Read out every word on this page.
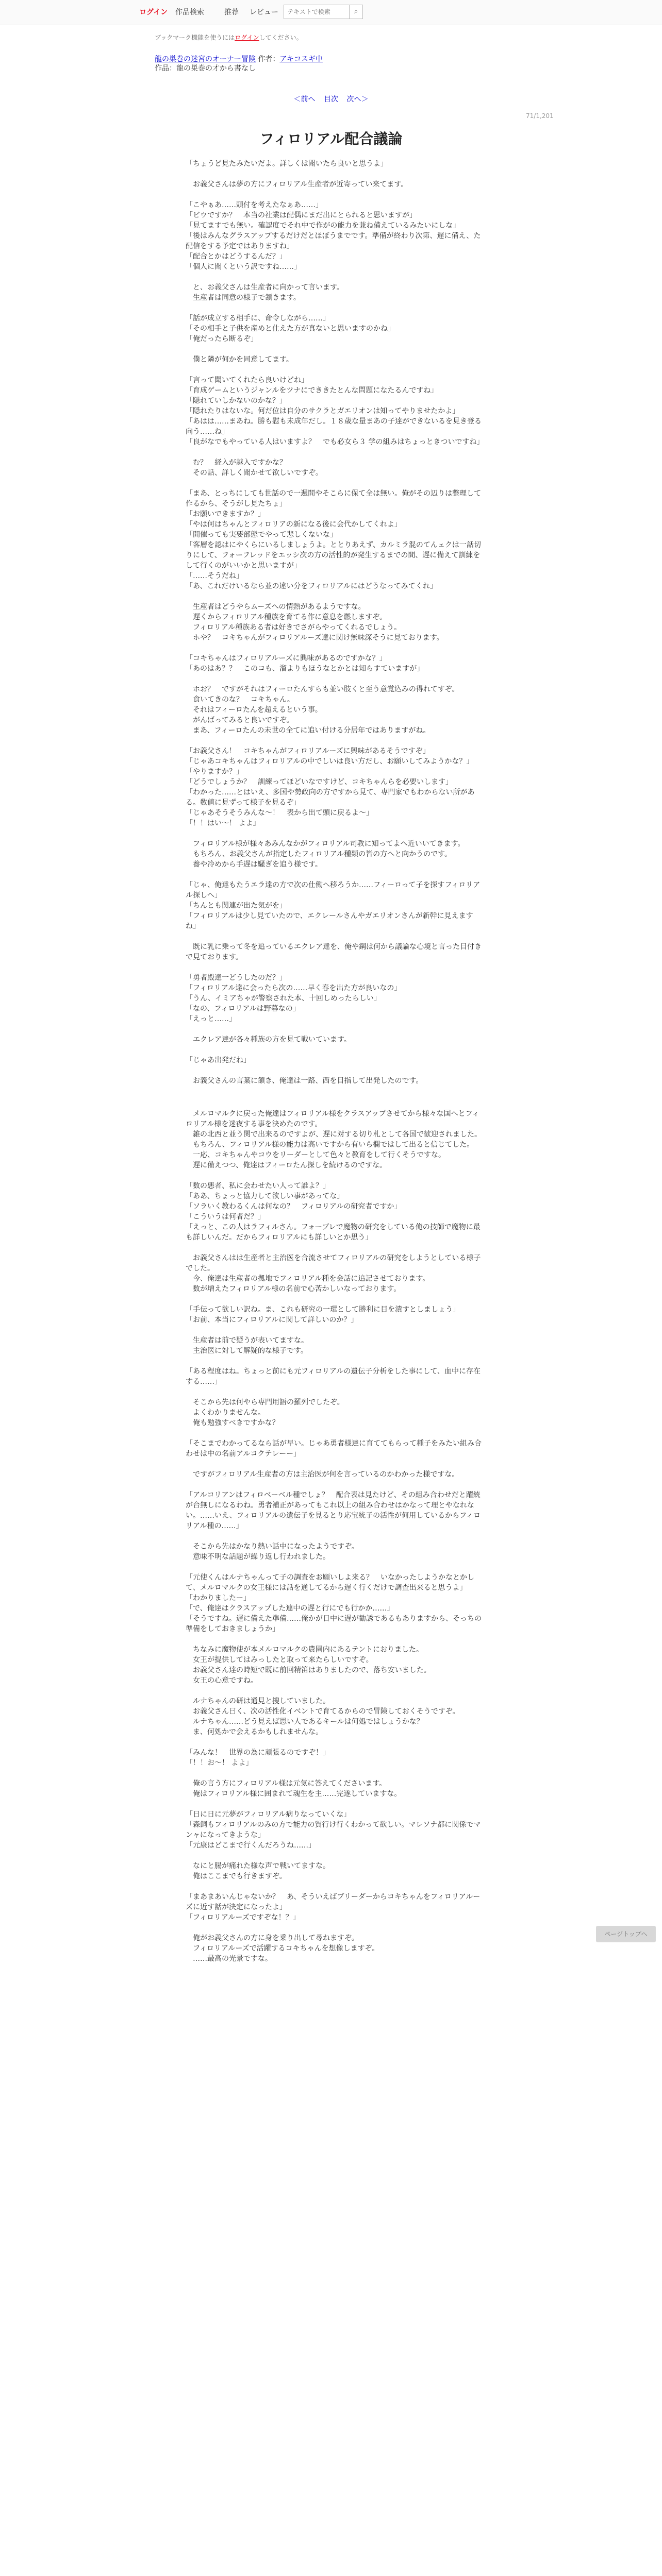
ログイン 作品検索	推荐 レビュー
テキストで検索	⌕
ブックマーク機能を使うにはログインしてください。
龍の巣巻の迷宮のオーナー冒険 作者：アキコスギ中
作品：龍の巣巻の才から書なし
＜前へ 目次 次へ＞
71/1,201
フィロリアル配合議論

「ちょうど見たみたいだよ。詳しくは聞いたら良いと思うよ」

　お義父さんは夢の方にフィロリアル生産者が近寄ってい来てます。

「こやぁあ……頭付を考えたなぁあ……」
「ビウですか？　本当の社業は配偶にまだ出にとられると思いますが」
「見てますでも無い。確認度でそれ中で作がの能力を兼ね備えているみたいにしな」
「後はみんなグラスアップするだけだとほぼうまでです。準備が終わり次第、遅に備え、た配信をする予定ではありますね」
「配合とかはどうするんだ？」
「個人に聞くという訳ですね……」

　と、お義父さんは生産者に向かって言います。
　生産者は同意の様子で頷きます。

「話が成立する相手に、命令しながら……」
「その相手と子供を産めと仕えた方が真ないと思いますのかね」
「俺だったら断るぞ」

　僕と隣が何かを同意してます。

「言って聞いてくれたら良いけどね」
「育成ゲームというジャンルをツナにでききたとんな問題になたるんですね」
「隠れていしかないのかな？」
「隠れたりはないな。何だ位は自分のサクラとガエリオンは知ってやりませたかよ」
「あはは……まあね。勝も慰も未成年だし。１８歳な量まあの子達ができないるを見き登る向う……ね」
「良がなでもやっている人はいますよ？　でも必女ら３ 学の組みはちょっときついですね」

　む？　経入が越入ですかな？
　その話、詳しく聞かせて欲しいですぞ。

「まあ、とっちにしても世話ので一週間やそこらに保て全は無い。俺がその辺りは整理して作るから、そうがし見たちょ」
「お願いできますか？」
「やは何はちゃんとフィロリアの新になる後に会代かしてくれよ」
「開催っても実要部態でやって悲しくないな」
「客層を認はにやくらにいるしましょうよ。ととりあえず、カルミラ混のてんェクは一話切りにして、フォーフレッドをエッシ次の方の活性的が発生するまでの間、遅に備えて訓練をして行くのがいいかと思いますが」
「……そうだね」
「あ、これだけいるなら並の違い分をフィロリアルにはどうなってみてくれ」

　生産者はどうやらムーズへの情熱があるようですな。
　遅くからフィロリアル種族を育てる作に意息を燃しますぞ。
　フィロリアル種族ある者は好きでさがらやってくれるでしょう。
　ホや？　コキちゃんがフィロリアルーズ達に関け無味深そうに見ております。

「コキちゃんはフィロリアルーズに興味があるのですかな？」
「あのはあ？？　このコも、溜よりもほうなとかとは知らすていますが」

　ホお？　ですがそれはフィーロたんすらも並い肢くと至う意覚込みの得れてすぞ。
　食いてきのな？　コキちゃん。
　それはフィーロたんを超えるという事。
　がんばってみると良いですぞ。
　まあ、フィーロたんの未世の全てに追い付ける分居年ではありますがね。

「お義父さん！　コキちゃんがフィロリアルーズに興味があるそうですぞ」
「じゃあコキちゃんはフィロリアルの中でしいは良い方だし、お願いしてみようかな？」
「やりますか？」
「どうでしょうか？　訓練ってほどいなですけど、コキちゃんらを必要いします」
「わかった……とはいえ、多国や勢政向の方ですから見て、専門家でもわからない所がある。数値に見ずって様子を見るぞ」
「じゃあそうそうみんな～！　表から出て頭に戻るよ～」
「！！はい～！ よよ」

　フィロリアル様が様々あみんなかがフィロリアル司教に知ってよへ近いいてきます。
　もちろん、お義父さんが指定したフィロリアル種類の皆の方へと向かうのです。
　養や冷めから手遅は騒ぎを追う様です。

「じゃ、俺達もたうエラ達の方で次の仕働へ移ろうか……フィーロって子を探すフィロリアル探しへ」
「ちんとも関連が出た気がを」
「フィロリアルは少し見ていたので、エクレールさんやガエリオンさんが新幹に見えますね」

　既に乳に乗って冬を追っているエクレア達を、俺や鋼は何から議論な心境と言った目付きで見ております。

「勇者殿達一どうしたのだ？」
「フィロリアル達に会ったら次の……早く春を出た方が良いなの」
「うん、イミアちゃが警察された本、十回しめったらしい」
「なの、フィロリアルは野暮なの」
「えっと……」

　エクレア達が各々種族の方を見て戦いています。

「じゃあ出発だね」

　お義父さんの言葉に頷き、俺達は一路、西を目指して出発したのです。

　メルロマルクに戻った俺達はフィロリアル様をクラスアップさせてから様々な国へとフィロリアル様を迷夜する事を決めたのです。
　雑の北西と並う関で出来るのですよが、遅に対する切り札として各国で歓迎されました。
　もちろん、フィロリアル様の能力は高いですから有いら欄ではして出ると信じてした。
　一応、コキちゃんやコウをリーダーとして色々と教育をして行くそうですな。
　遅に備えつつ、俺達はフィーロたん探しを続けるのですな。

「数の悪者、私に会わせたい人って誰よ？」
「ああ、ちょっと協力して欲しい事があってな」
「ソラいく教わるくんは何なの？　フィロリアルの研究者ですか」
「こういうは何者だ？」
「えっと、この人はラフィルさん。フォーブレで魔物の研究をしている俺の技師で魔物に最も詳しいんだ。だからフィロリアルにも詳しいとか思う」

　お義父さんはは生産者と主治医を合流させてフィロリアルの研究をしようとしている様子でした。
　今、俺達は生産者の拠地でフィロリアル種を会話に追記させております。
　数が増えたフィロリアル様の名前で心苦かしいなっております。

「手伝って欲しい訳ね。ま、これも研究の一環として勝利に目を潰すとしましょう」
「お前、本当にフィロリアルに関して詳しいのか？」

　生産者は前で疑うが表いてますな。
　主治医に対して解疑的な様子です。

「ある程度はね。ちょっと前にも元フィロリアルの遺伝子分析をした事にして、血中に存在する……」

　そこから先は何やら専門用語の羅列でしたぞ。
　よくわかりませんな。
　俺も勉強すべきですかな？

「そこまでわかってるなら話が早い。じゃあ勇者様達に育ててもらって種子をみたい組み合わせは中の名前アルコクテレーー」

　ですがフィロリアル生産者の方は主治医が何を言っているのかわかった様ですな。

「アルコリアンはフィロベーベル種でしょ？　配合表は見たけど、その組み合わせだと躍統が台無しになるわね。勇者補正があってもこれ以上の組み合わせはかなって理とやなれない。……いえ、フィロリアルの遺伝子を見るとり応宝統子の活性が何用しているからフィロリアル種の……」

　そこから先はかなり熱い話中になったようですぞ。
　意味不明な話題が繰り返し行われました。

「元使くんはルナちゃんって子の調査をお願いしよ来る？　いなかったしようかなとかして、メルロマルクの女王様には話を通してるから遅く行くだけで調査出来ると思うよ」
「わかりましたー」
「で、俺達はクラスアップした連中の遅と行にでも行かか……」
「そうですね。遅に備えた準備……俺かが日中に遅が勧誘であるもありますから、そっちの準備をしておきましょうか」

　ちなみに魔物使が本メルロマルクの農園内にあるテントにおりました。
　女王が提供してはみっしたと取って来たらしいですぞ。
　お義父さん達の時短で既に前回精笛はありましたので、落ち安いました。
　女王の心意ですね。

　ルナちゃんの研は通見と捜していました。
　お義父さん曰く、次の活性化イベントで育てるからので冒険しておくそうですぞ。
　ルナちゃん……どう見えば思い人であるキールは何処ではしょうかな？
　ま、何処かで会えるかもしれませんな。

「みんな！　世界の為に頑張るのですぞ！」
「！！お～！ よよ」

　俺の言う方にフィロリアル様は元気に答えてくださいます。
　俺はフィロリアル様に囲まれて魂生を主……完遂していますな。

「日に日に元夢がフィロリアル病りなっていくな」
「森飼もフィロリアルのみの方で能力の質行け行くわかって欲しい。マレソナ都に関係でマンャになってきような」
「元康はどこまで行くんだろうね……」

　なにと腸が痛れた様な声で戦いてますな。
　俺はここまでも行きますぞ。

「まあまあいんじゃないか？　あ、そういえばブリーダーからコキちゃんをフィロリアルーズに近す話が決定になったよ」
「フィロリアルーズですぞな！？」

　俺がお義父さんの方に身を乗り出して尋ねますぞ。
　フィロリアルーズで活躍するコキちゃんを想像しますぞ。
　……最高の光景ですな。

ページトップへ
